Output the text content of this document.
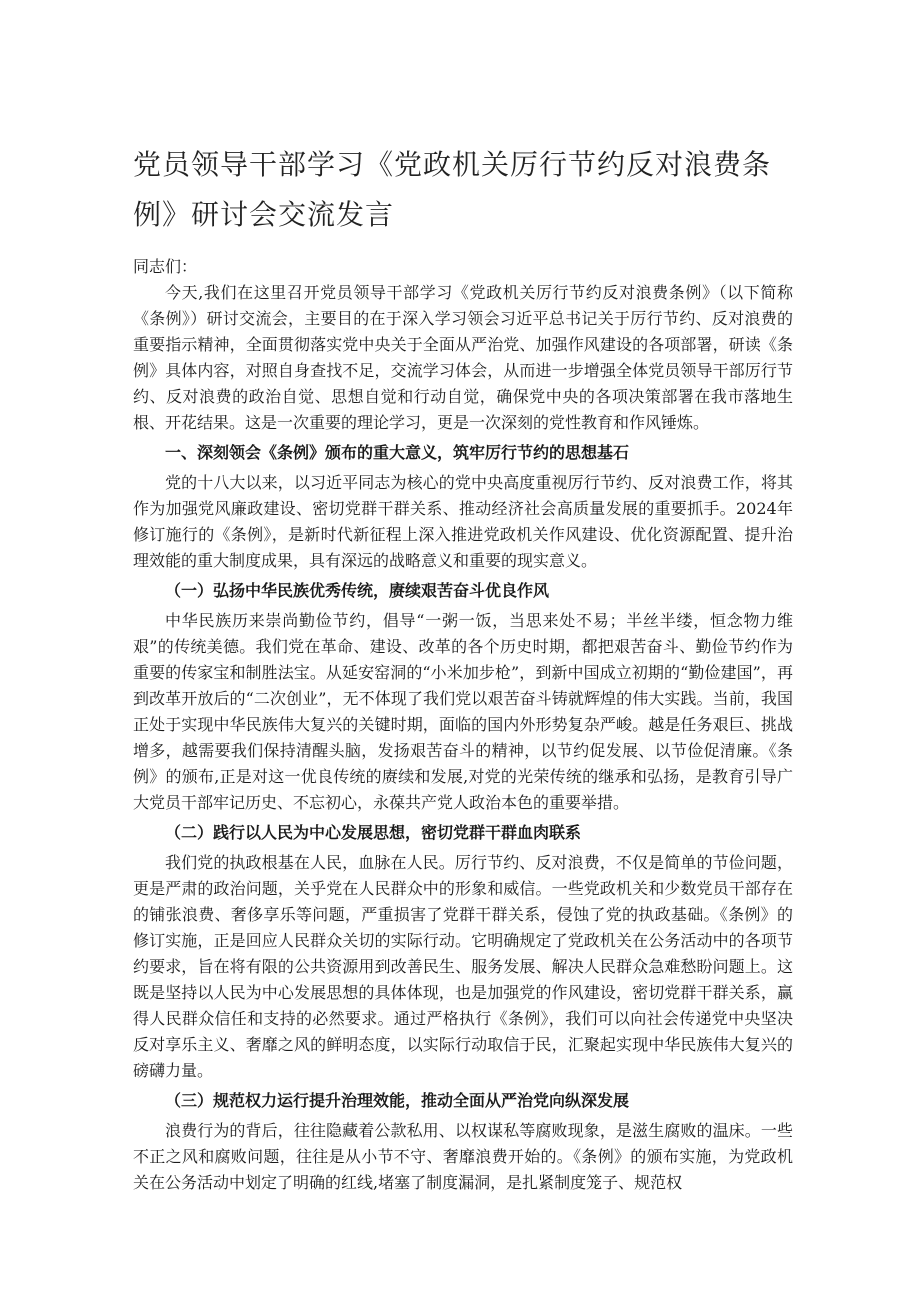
党员领导干部学习《党政机关厉行节约反对浪费条例》研讨会交流发言

同志们：

今天,我们在这里召开党员领导干部学习《党政机关厉行节约反对浪费条例》（以下简称《条例》）研讨交流会，主要目的在于深入学习领会习近平总书记关于厉行节约、反对浪费的重要指示精神，全面贯彻落实党中央关于全面从严治党、加强作风建设的各项部署，研读《条例》具体内容，对照自身查找不足，交流学习体会，从而进一步增强全体党员领导干部厉行节约、反对浪费的政治自觉、思想自觉和行动自觉，确保党中央的各项决策部署在我市落地生根、开花结果。这是一次重要的理论学习，更是一次深刻的党性教育和作风锤炼。

一、深刻领会《条例》颁布的重大意义，筑牢厉行节约的思想基石

党的十八大以来，以习近平同志为核心的党中央高度重视厉行节约、反对浪费工作，将其作为加强党风廉政建设、密切党群干群关系、推动经济社会高质量发展的重要抓手。2024年修订施行的《条例》，是新时代新征程上深入推进党政机关作风建设、优化资源配置、提升治理效能的重大制度成果，具有深远的战略意义和重要的现实意义。

（一）弘扬中华民族优秀传统，赓续艰苦奋斗优良作风

中华民族历来崇尚勤俭节约，倡导“一粥一饭，当思来处不易；半丝半缕，恒念物力维艰”的传统美德。我们党在革命、建设、改革的各个历史时期，都把艰苦奋斗、勤俭节约作为重要的传家宝和制胜法宝。从延安窑洞的“小米加步枪”，到新中国成立初期的“勤俭建国”，再到改革开放后的“二次创业”，无不体现了我们党以艰苦奋斗铸就辉煌的伟大实践。当前，我国正处于实现中华民族伟大复兴的关键时期，面临的国内外形势复杂严峻。越是任务艰巨、挑战增多，越需要我们保持清醒头脑，发扬艰苦奋斗的精神，以节约促发展、以节俭促清廉。《条例》的颁布,正是对这一优良传统的赓续和发展,对党的光荣传统的继承和弘扬，是教育引导广大党员干部牢记历史、不忘初心，永葆共产党人政治本色的重要举措。

（二）践行以人民为中心发展思想，密切党群干群血肉联系

我们党的执政根基在人民，血脉在人民。厉行节约、反对浪费，不仅是简单的节俭问题，更是严肃的政治问题，关乎党在人民群众中的形象和威信。一些党政机关和少数党员干部存在的铺张浪费、奢侈享乐等问题，严重损害了党群干群关系，侵蚀了党的执政基础。《条例》的修订实施，正是回应人民群众关切的实际行动。它明确规定了党政机关在公务活动中的各项节约要求，旨在将有限的公共资源用到改善民生、服务发展、解决人民群众急难愁盼问题上。这既是坚持以人民为中心发展思想的具体体现，也是加强党的作风建设，密切党群干群关系，赢得人民群众信任和支持的必然要求。通过严格执行《条例》，我们可以向社会传递党中央坚决反对享乐主义、奢靡之风的鲜明态度，以实际行动取信于民，汇聚起实现中华民族伟大复兴的磅礴力量。

（三）规范权力运行提升治理效能，推动全面从严治党向纵深发展

浪费行为的背后，往往隐藏着公款私用、以权谋私等腐败现象，是滋生腐败的温床。一些不正之风和腐败问题，往往是从小节不守、奢靡浪费开始的。《条例》的颁布实施，为党政机关在公务活动中划定了明确的红线,堵塞了制度漏洞，是扎紧制度笼子、规范权
